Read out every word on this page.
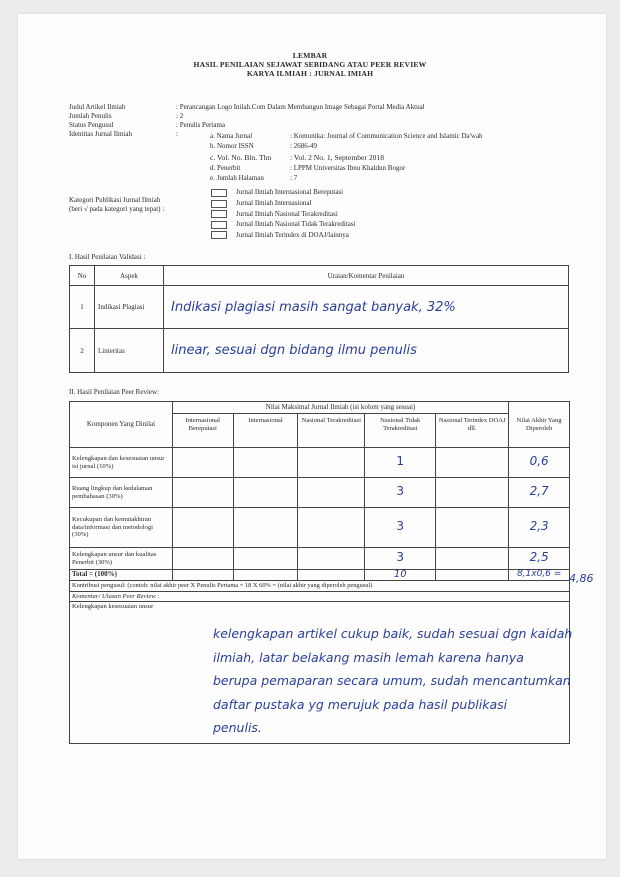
LEMBAR
HASIL PENILAIAN SEJAWAT SEBIDANG ATAU PEER REVIEW
KARYA ILMIAH : JURNAL IMIAH
Judul Artikel Ilmiah	: Perancangan Logo Inilah.Com Dalam Membangun Image Sebagai Portal Media Aktual
Jumlah Penulis	: 2
Status Pengusul	: Penulis Pertama
Identitas Jurnal Ilmiah	:	a. Nama Jurnal	: Komunika: Journal of Communication Science and Islamic Da'wah
b. Nomor ISSN	: 2686-49
c. Vol. No. Bln. Thn : Vol. 2 No. 1, September 2018
d. Penerbit	: LPPM Universitas Ibnu Khaldun Bogor
e. Jumlah Halaman	: 7
Kategori Publikasi Jurnal Ilmiah
(beri √ pada kategori yang tepat) :
Jurnal Ilmiah Internasional Bereputasi
Jurnal Ilmiah Internasional
Jurnal Ilmiah Nasional Terakreditasi
Jurnal Ilmiah Nasional Tidak Terakreditasi
Jurnal Ilmiah Terindex di DOAJ/lainnya
I. Hasil Penilaian Validasi :
No	Aspek	Uraian/Komentar Penilaian
1	Indikasi Plagiasi	Indikasi plagiasi masih sangat banyak, 32%
2	Linieritas	linear, sesuai dgn bidang ilmu penulis
II. Hasil Penilaian Peer Review:
Komponen Yang Dinilai	Nilai Maksimal Jurnal Ilmiah (isi kolom yang sesuai)					Nilai Akhir Yang Diperoleh
	Internasional Bereputasi	Internasional	Nasional Terakreditasi	Nasional Tidak Terakreditasi	Nasional Terindex DOAJ dll.	
Kelengkapan dan kesesuaian unsur isi jurnal (10%)				1		0,6
Ruang lingkup dan kedalaman pembahasan (30%)				3		2,7
Kecukupan dan kemutakhiran data/informasi dan metodologi (30%)				3		2,3
Kelengkapan unsur dan kualitas Penerbit (30%)				3		2,5
Total = (100%)				10		8,1x0,6 =
Kontribusi pengusul: (contoh: nilai akhir peer X Penulis Pertama = 18 X 60% = (nilai akhir yang diperoleh pengusul)						
Komentar/ Ulasan Peer Review :						
Kelengkapan kesesuaian unsur						
4,86
kelengkapan artikel cukup baik, sudah sesuai dgn kaidah
ilmiah, latar belakang masih lemah karena hanya
berupa pemaparan secara umum, sudah mencantumkan
daftar pustaka yg merujuk pada hasil publikasi
penulis.
